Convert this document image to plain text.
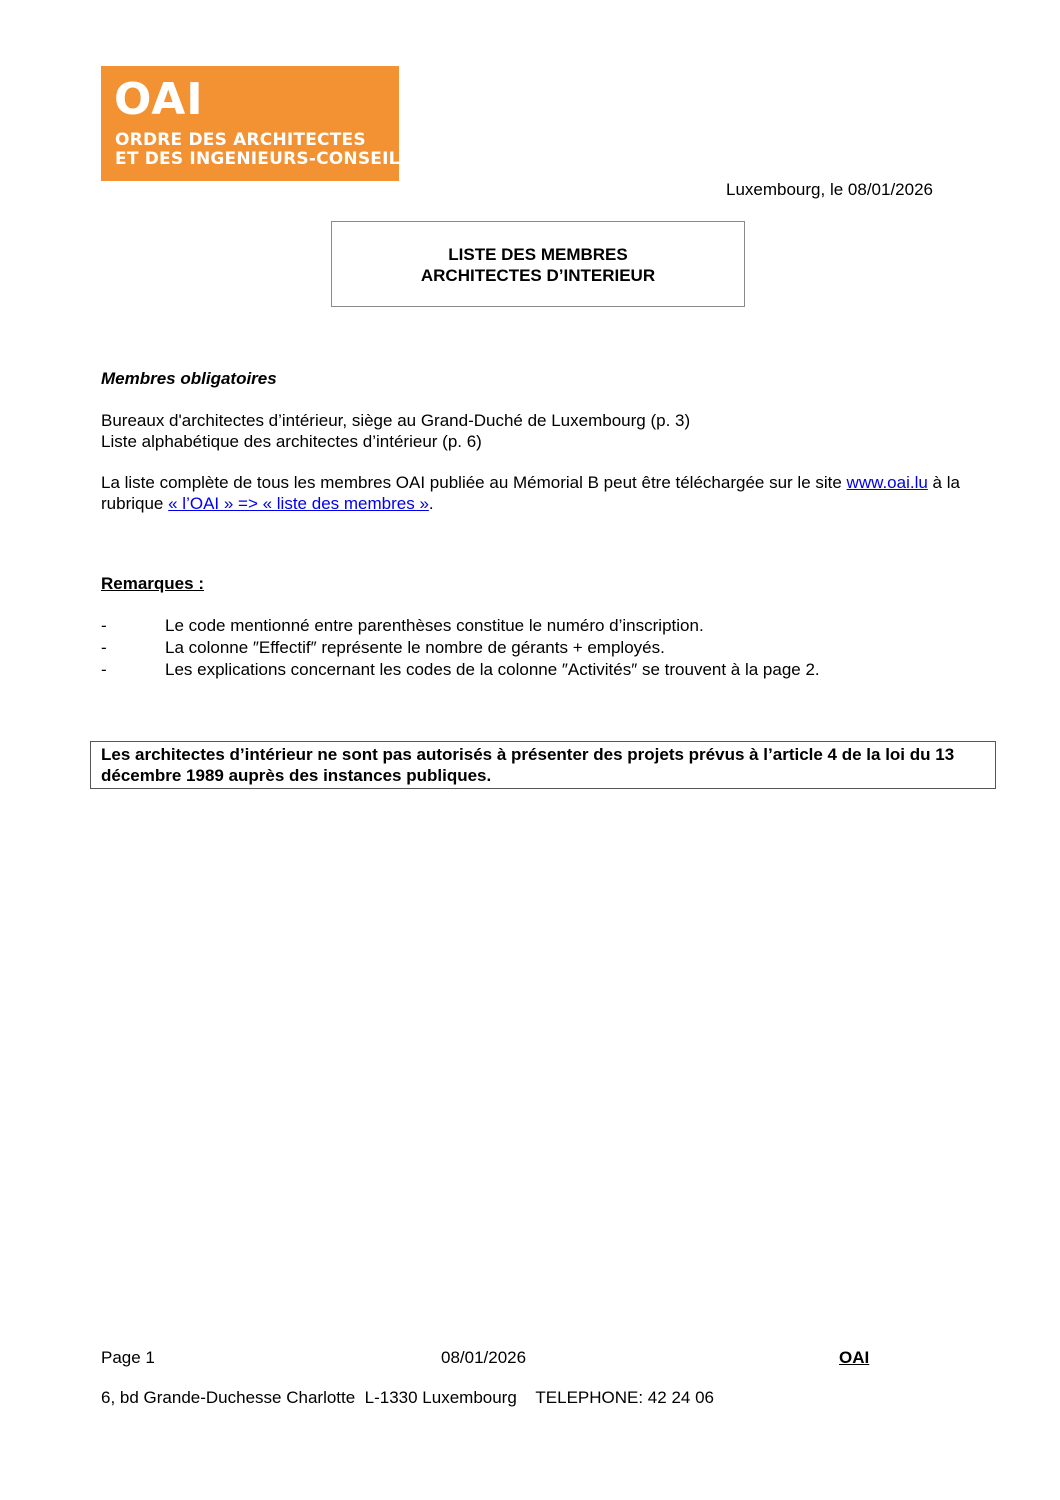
OAI
ORDRE DES ARCHITECTES
ET DES INGENIEURS-CONSEILS
Luxembourg, le 08/01/2026
LISTE DES MEMBRES
ARCHITECTES D’INTERIEUR
Membres obligatoires
Bureaux d'architectes d’intérieur, siège au Grand-Duché de Luxembourg (p. 3)
Liste alphabétique des architectes d’intérieur (p. 6)
La liste complète de tous les membres OAI publiée au Mémorial B peut être téléchargée sur le site www.oai.lu à la rubrique « l’OAI » => « liste des membres ».
Remarques :
-	Le code mentionné entre parenthèses constitue le numéro d’inscription.
-	La colonne ″Effectif″ représente le nombre de gérants + employés.
-	Les explications concernant les codes de la colonne ″Activités″ se trouvent à la page 2.
Les architectes d’intérieur ne sont pas autorisés à présenter des projets prévus à l’article 4 de la loi du 13 décembre 1989 auprès des instances publiques.
Page 1	08/01/2026	OAI
6, bd Grande-Duchesse Charlotte  L-1330 Luxembourg    TELEPHONE: 42 24 06
